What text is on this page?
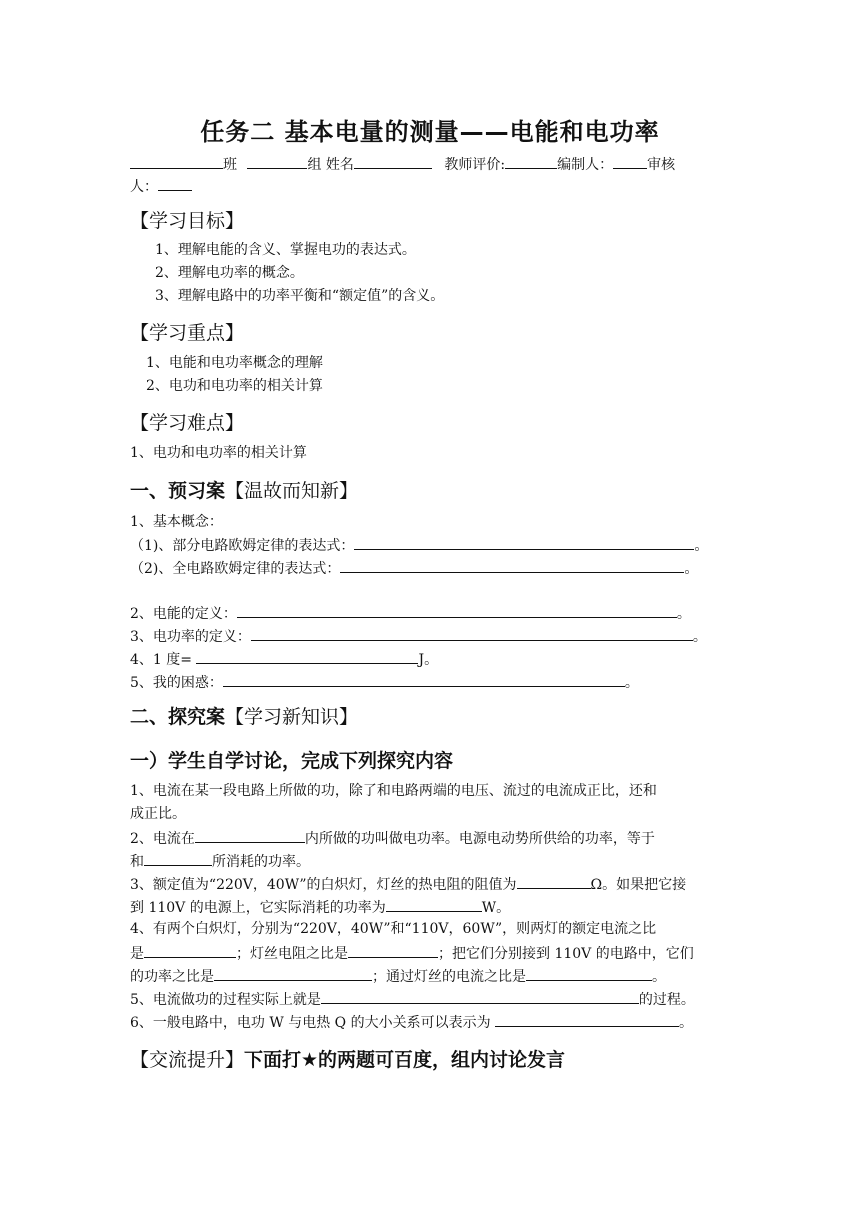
任务二 基本电量的测量——电能和电功率
班	组 姓名	教师评价:	编制人： 审核
人：
【学习目标】
1、理解电能的含义、掌握电功的表达式。
2、理解电功率的概念。
3、理解电路中的功率平衡和“额定值”的含义。
【学习重点】
1、电能和电功率概念的理解
2、电功和电功率的相关计算
【学习难点】
1、电功和电功率的相关计算
一、预习案【温故而知新】
1、基本概念：
（1)、部分电路欧姆定律的表达式：	。
（2)、全电路欧姆定律的表达式：	。
2、电能的定义：	。
3、电功率的定义：	。
4、1 度=	J。
5、我的困惑：	。
二、探究案【学习新知识】
一）学生自学讨论，完成下列探究内容
1、电流在某一段电路上所做的功，除了和电路两端的电压、流过的电流成正比，还和
成正比。
2、电流在	内所做的功叫做电功率。电源电动势所供给的功率，等于
和	所消耗的功率。
3、额定值为“220V，40W”的白炽灯，灯丝的热电阻的阻值为	Ω。如果把它接
到 110V 的电源上，它实际消耗的功率为	W。
4、有两个白炽灯，分别为“220V，40W”和“110V，60W”，则两灯的额定电流之比
是	；灯丝电阻之比是	；把它们分别接到 110V 的电路中，它们
的功率之比是	；通过灯丝的电流之比是	。
5、电流做功的过程实际上就是	的过程。
6、一般电路中，电功 W 与电热 Q 的大小关系可以表示为	。
【交流提升】下面打★的两题可百度，组内讨论发言
